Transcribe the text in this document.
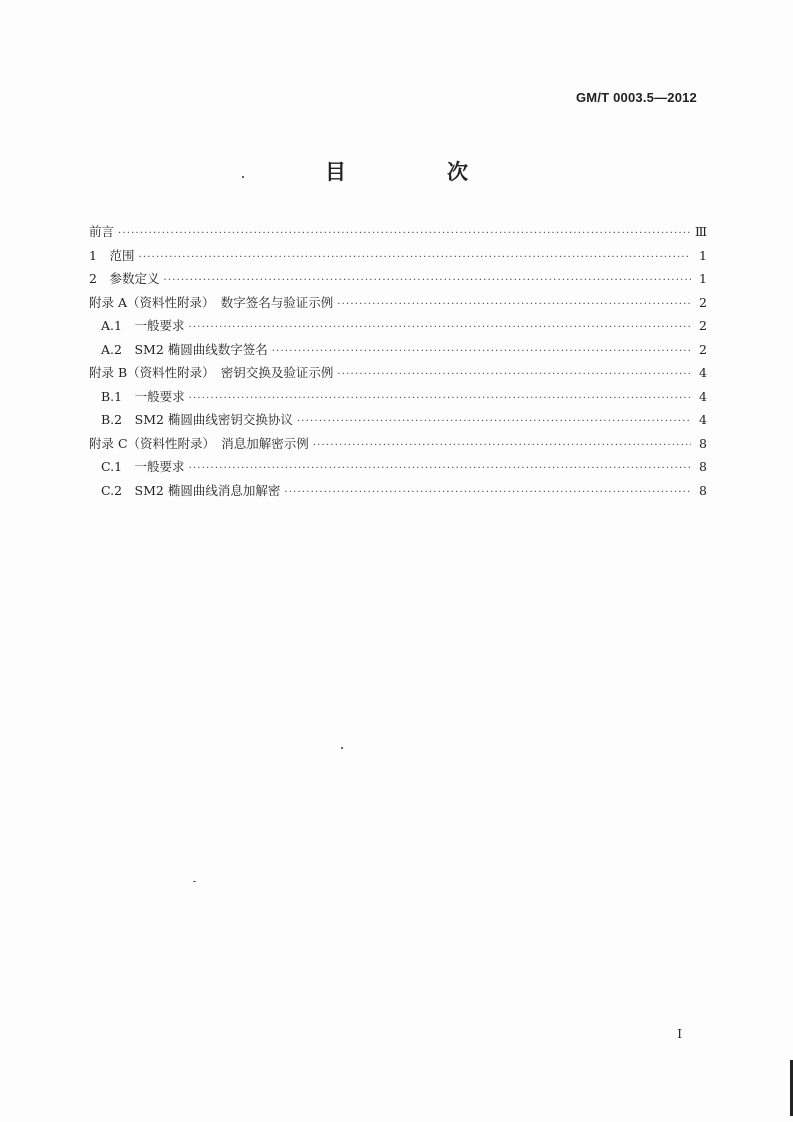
GM/T 0003.5—2012
目　次
前言 ·····	Ⅲ
1　 范围 ·····	1
2　 参数定义 ·····	1
附录 A（资料性附录）　数字签名与验证示例 ·····	2
A.1　 一般要求 ·····	2
A.2　 SM2 椭圆曲线数字签名 ·····	2
附录 B（资料性附录）　密钥交换及验证示例 ·····	4
B.1　 一般要求 ·····	4
B.2　 SM2 椭圆曲线密钥交换协议 ·····	4
附录 C（资料性附录）　消息加解密示例 ·····	8
C.1　 一般要求 ·····	8
C.2　 SM2 椭圆曲线消息加解密 ·····	8
I
